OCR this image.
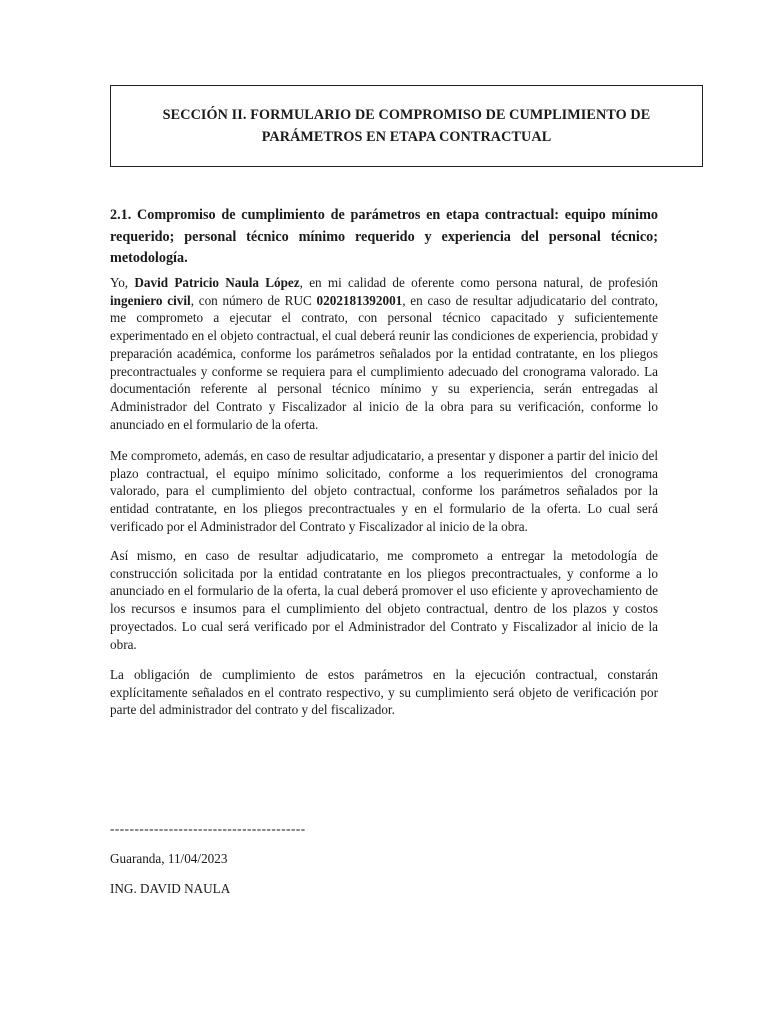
SECCIÓN II. FORMULARIO DE COMPROMISO DE CUMPLIMIENTO DE
PARÁMETROS EN ETAPA CONTRACTUAL
2.1. Compromiso de cumplimiento de parámetros en etapa contractual: equipo mínimo requerido; personal técnico mínimo requerido y experiencia del personal técnico; metodología.

Yo, David Patricio Naula López, en mi calidad de oferente como persona natural, de profesión ingeniero civil, con número de RUC 0202181392001, en caso de resultar adjudicatario del contrato, me comprometo a ejecutar el contrato, con personal técnico capacitado y suficientemente experimentado en el objeto contractual, el cual deberá reunir las condiciones de experiencia, probidad y preparación académica, conforme los parámetros señalados por la entidad contratante, en los pliegos precontractuales y conforme se requiera para el cumplimiento adecuado del cronograma valorado. La documentación referente al personal técnico mínimo y su experiencia, serán entregadas al Administrador del Contrato y Fiscalizador al inicio de la obra para su verificación, conforme lo anunciado en el formulario de la oferta.

Me comprometo, además, en caso de resultar adjudicatario, a presentar y disponer a partir del inicio del plazo contractual, el equipo mínimo solicitado, conforme a los requerimientos del cronograma valorado, para el cumplimiento del objeto contractual, conforme los parámetros señalados por la entidad contratante, en los pliegos precontractuales y en el formulario de la oferta. Lo cual será verificado por el Administrador del Contrato y Fiscalizador al inicio de la obra.

Así mismo, en caso de resultar adjudicatario, me comprometo a entregar la metodología de construcción solicitada por la entidad contratante en los pliegos precontractuales, y conforme a lo anunciado en el formulario de la oferta, la cual deberá promover el uso eficiente y aprovechamiento de los recursos e insumos para el cumplimiento del objeto contractual, dentro de los plazos y costos proyectados. Lo cual será verificado por el Administrador del Contrato y Fiscalizador al inicio de la obra.

La obligación de cumplimiento de estos parámetros en la ejecución contractual, constarán explícitamente señalados en el contrato respectivo, y su cumplimiento será objeto de verificación por parte del administrador del contrato y del fiscalizador.

----------------------------------------
Guaranda, 11/04/2023
ING. DAVID NAULA
